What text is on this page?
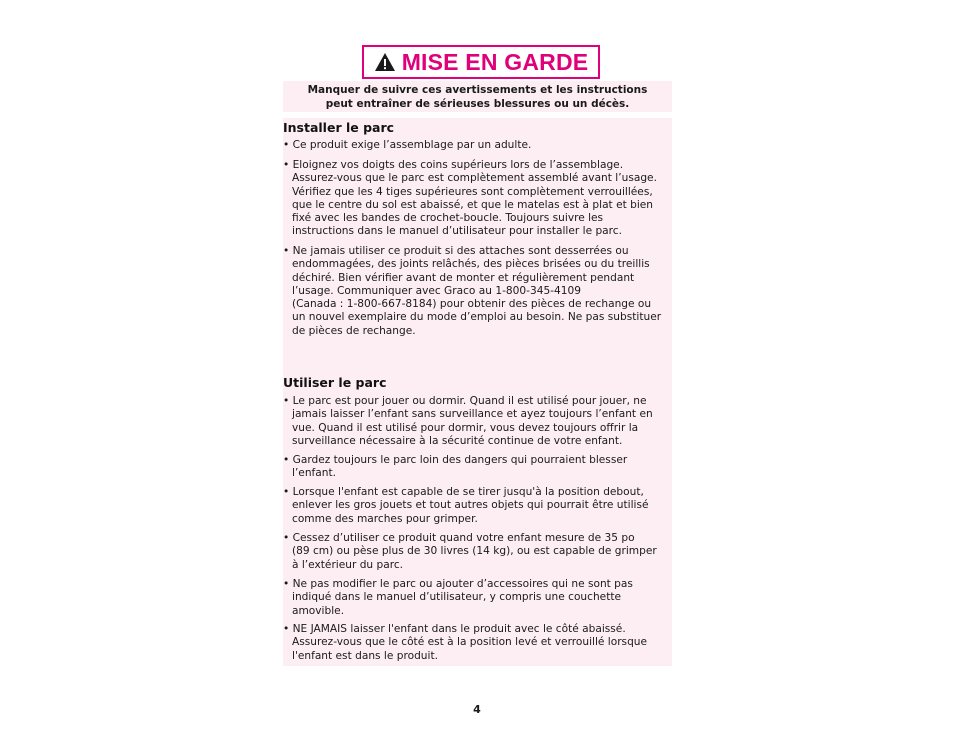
MISE EN GARDE
Manquer de suivre ces avertissements et les instructions
peut entraîner de sérieuses blessures ou un décès.
Installer le parc
• Ce produit exige l’assemblage par un adulte.
• Eloignez vos doigts des coins supérieurs lors de l’assemblage.
Assurez-vous que le parc est complètement assemblé avant l’usage.
Vérifiez que les 4 tiges supérieures sont complètement verrouillées,
que le centre du sol est abaissé, et que le matelas est à plat et bien
fixé avec les bandes de crochet-boucle. Toujours suivre les
instructions dans le manuel d’utilisateur pour installer le parc.
• Ne jamais utiliser ce produit si des attaches sont desserrées ou
endommagées, des joints relâchés, des pièces brisées ou du treillis
déchiré. Bien vérifier avant de monter et régulièrement pendant
l’usage. Communiquer avec Graco au 1-800-345-4109
(Canada : 1-800-667-8184) pour obtenir des pièces de rechange ou
un nouvel exemplaire du mode d’emploi au besoin. Ne pas substituer
de pièces de rechange.
Utiliser le parc
• Le parc est pour jouer ou dormir. Quand il est utilisé pour jouer, ne
jamais laisser l’enfant sans surveillance et ayez toujours l’enfant en
vue. Quand il est utilisé pour dormir, vous devez toujours offrir la
surveillance nécessaire à la sécurité continue de votre enfant.
• Gardez toujours le parc loin des dangers qui pourraient blesser
l’enfant.
• Lorsque l'enfant est capable de se tirer jusqu'à la position debout,
enlever les gros jouets et tout autres objets qui pourrait être utilisé
comme des marches pour grimper.
• Cessez d’utiliser ce produit quand votre enfant mesure de 35 po
(89 cm) ou pèse plus de 30 livres (14 kg), ou est capable de grimper
à l’extérieur du parc.
• Ne pas modifier le parc ou ajouter d’accessoires qui ne sont pas
indiqué dans le manuel d’utilisateur, y compris une couchette
amovible.
• NE JAMAIS laisser l'enfant dans le produit avec le côté abaissé.
Assurez-vous que le côté est à la position levé et verrouillé lorsque
l'enfant est dans le produit.
4
